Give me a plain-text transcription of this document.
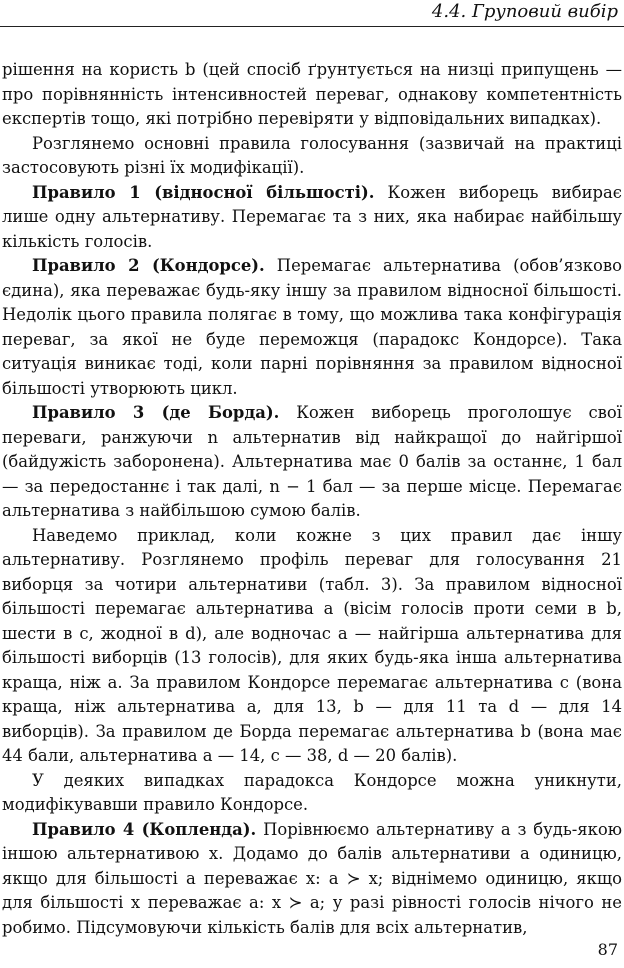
4.4. Груповий вибір

рішення на користь b (цей спосіб ґрунтується на низці припущень — про порівнянність інтенсивностей переваг, однакову компетентність експертів тощо, які потрібно перевіряти у відповідальних випадках).

Розглянемо основні правила голосування (зазвичай на практиці застосовують різні їх модифікації).

Правило 1 (відносної більшості). Кожен виборець вибирає лише одну альтернативу. Перемагає та з них, яка набирає найбільшу кількість голосів.

Правило 2 (Кондорсе). Перемагає альтернатива (обов’язково єдина), яка переважає будь-яку іншу за правилом відносної більшості. Недолік цього правила полягає в тому, що можлива така конфігурація переваг, за якої не буде переможця (парадокс Кондорсе). Така ситуація виникає тоді, коли парні порівняння за правилом відносної більшості утворюють цикл.

Правило 3 (де Борда). Кожен виборець проголошує свої переваги, ранжуючи n альтернатив від найкращої до найгіршої (байдужість заборонена). Альтернатива має 0 балів за останнє, 1 бал — за передостаннє і так далі, n − 1 бал — за перше місце. Перемагає альтернатива з найбільшою сумою балів.

Наведемо приклад, коли кожне з цих правил дає іншу альтернативу. Розглянемо профіль переваг для голосування 21 виборця за чотири альтернативи (табл. 3). За правилом відносної більшості перемагає альтернатива a (вісім голосів проти семи в b, шести в c, жодної в d), але водночас a — найгірша альтернатива для більшості виборців (13 голосів), для яких будь-яка інша альтернатива краща, ніж a. За правилом Кондорсе перемагає альтернатива c (вона краща, ніж альтернатива a, для 13, b — для 11 та d — для 14 виборців). За правилом де Борда перемагає альтернатива b (вона має 44 бали, альтернатива a — 14, c — 38, d — 20 балів).

У деяких випадках парадокса Кондорсе можна уникнути, модифікувавши правило Кондорсе.

Правило 4 (Копленда). Порівнюємо альтернативу a з будь-якою іншою альтернативою x. Додамо до балів альтернативи a одиницю, якщо для більшості a переважає x: a ≻ x; віднімемо одиницю, якщо для більшості x переважає a: x ≻ a; у разі рівності голосів нічого не робимо. Підсумовуючи кількість балів для всіх альтернатив,

87
